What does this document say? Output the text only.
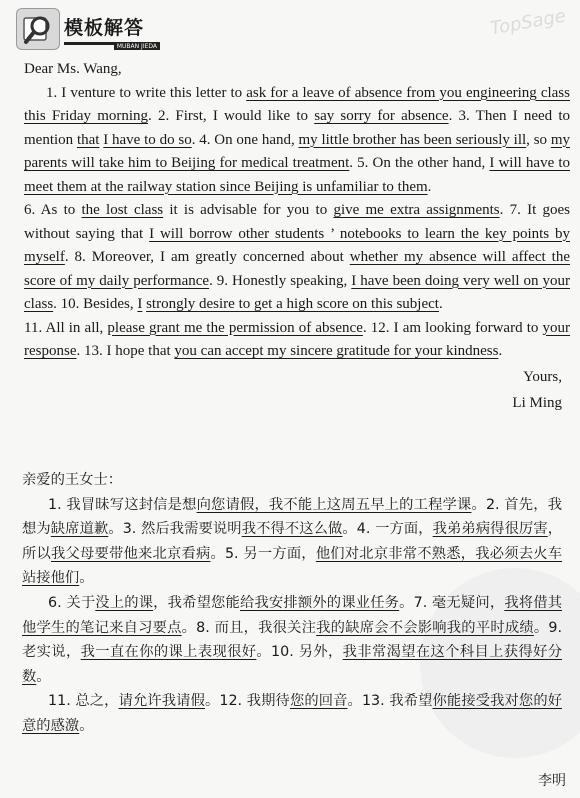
模板解答
MUBAN JIEDA
TopSage

Dear Ms. Wang,

1. I venture to write this letter to ask for a leave of absence from you engineering class this Friday morning. 2. First, I would like to say sorry for absence. 3. Then I need to mention that I have to do so. 4. On one hand, my little brother has been seriously ill, so my parents will take him to Beijing for medical treatment. 5. On the other hand, I will have to meet them at the railway station since Beijing is unfamiliar to them.

6. As to the lost class it is advisable for you to give me extra assignments. 7. It goes without saying that I will borrow other students ’ notebooks to learn the key points by myself. 8. Moreover, I am greatly concerned about whether my absence will affect the score of my daily performance. 9. Honestly speaking, I have been doing very well on your class. 10. Besides, I strongly desire to get a high score on this subject.

11. All in all, please grant me the permission of absence. 12. I am looking forward to your response. 13. I hope that you can accept my sincere gratitude for your kindness.

Yours,
Li Ming

亲爱的王女士：

1. 我冒昧写这封信是想向您请假，我不能上这周五早上的工程学课。2. 首先，我想为缺席道歉。3. 然后我需要说明我不得不这么做。4. 一方面，我弟弟病得很厉害，所以我父母要带他来北京看病。5. 另一方面，他们对北京非常不熟悉，我必须去火车站接他们。

6. 关于没上的课，我希望您能给我安排额外的课业任务。7. 毫无疑问，我将借其他学生的笔记来自习要点。8. 而且，我很关注我的缺席会不会影响我的平时成绩。9. 老实说，我一直在你的课上表现很好。10. 另外，我非常渴望在这个科目上获得好分数。

11. 总之，请允许我请假。12. 我期待您的回音。13. 我希望你能接受我对您的好意的感激。

李明
